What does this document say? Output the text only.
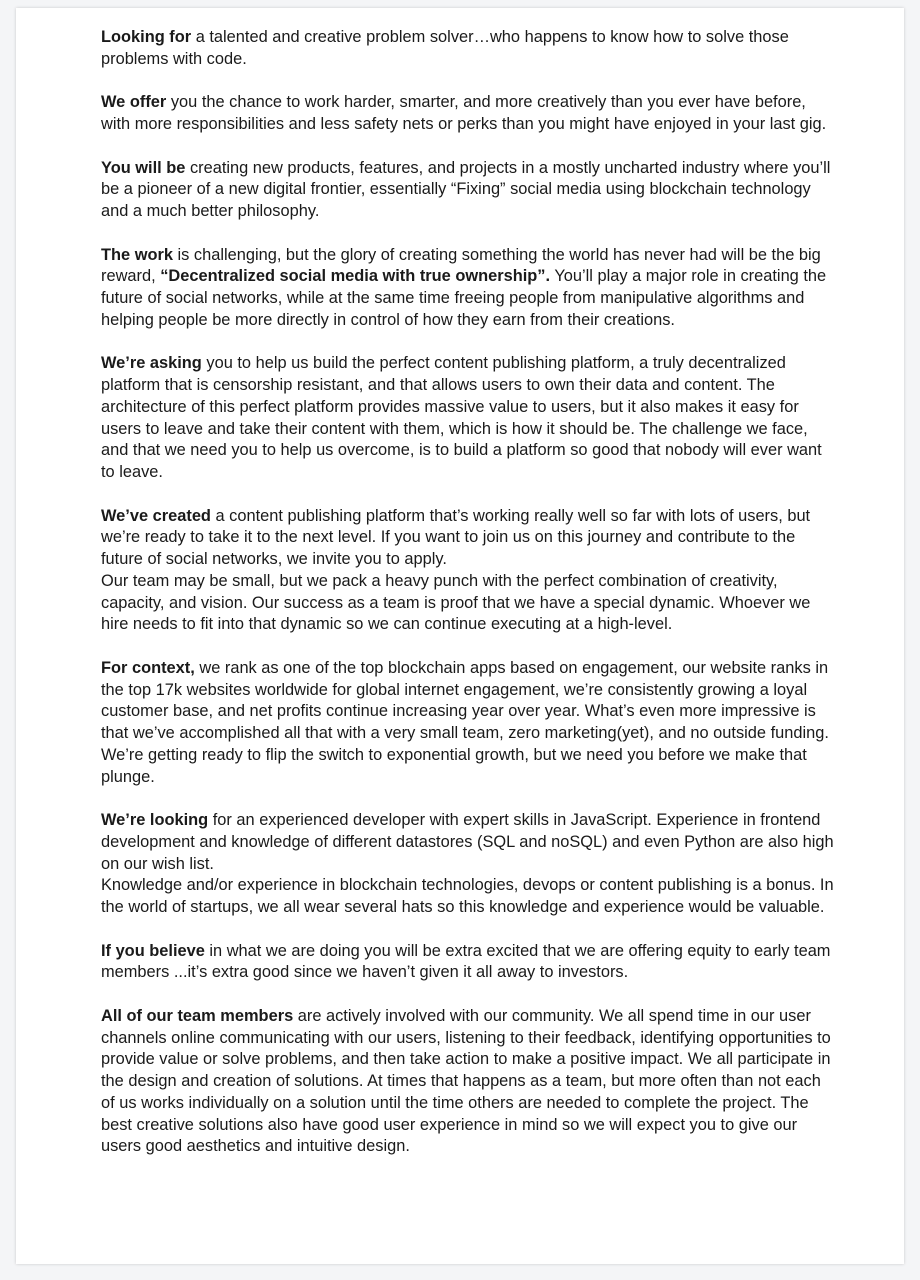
Looking for a talented and creative problem solver…who happens to know how to solve those problems with code.

We offer you the chance to work harder, smarter, and more creatively than you ever have before, with more responsibilities and less safety nets or perks than you might have enjoyed in your last gig.

You will be creating new products, features, and projects in a mostly uncharted industry where you’ll be a pioneer of a new digital frontier, essentially “Fixing” social media using blockchain technology and a much better philosophy.

The work is challenging, but the glory of creating something the world has never had will be the big reward, “Decentralized social media with true ownership”. You’ll play a major role in creating the future of social networks, while at the same time freeing people from manipulative algorithms and helping people be more directly in control of how they earn from their creations.

We’re asking you to help us build the perfect content publishing platform, a truly decentralized platform that is censorship resistant, and that allows users to own their data and content. The architecture of this perfect platform provides massive value to users, but it also makes it easy for users to leave and take their content with them, which is how it should be. The challenge we face, and that we need you to help us overcome, is to build a platform so good that nobody will ever want to leave.

We’ve created a content publishing platform that’s working really well so far with lots of users, but we’re ready to take it to the next level. If you want to join us on this journey and contribute to the future of social networks, we invite you to apply.

Our team may be small, but we pack a heavy punch with the perfect combination of creativity, capacity, and vision. Our success as a team is proof that we have a special dynamic. Whoever we hire needs to fit into that dynamic so we can continue executing at a high-level.

For context, we rank as one of the top blockchain apps based on engagement, our website ranks in the top 17k websites worldwide for global internet engagement, we’re consistently growing a loyal customer base, and net profits continue increasing year over year. What’s even more impressive is that we’ve accomplished all that with a very small team, zero marketing(yet), and no outside funding. We’re getting ready to flip the switch to exponential growth, but we need you before we make that plunge.

We’re looking for an experienced developer with expert skills in JavaScript. Experience in frontend development and knowledge of different datastores (SQL and noSQL) and even Python are also high on our wish list.

Knowledge and/or experience in blockchain technologies, devops or content publishing is a bonus. In the world of startups, we all wear several hats so this knowledge and experience would be valuable.

If you believe in what we are doing you will be extra excited that we are offering equity to early team members ...it’s extra good since we haven’t given it all away to investors.

All of our team members are actively involved with our community. We all spend time in our user channels online communicating with our users, listening to their feedback, identifying opportunities to provide value or solve problems, and then take action to make a positive impact. We all participate in the design and creation of solutions. At times that happens as a team, but more often than not each of us works individually on a solution until the time others are needed to complete the project. The best creative solutions also have good user experience in mind so we will expect you to give our users good aesthetics and intuitive design.
